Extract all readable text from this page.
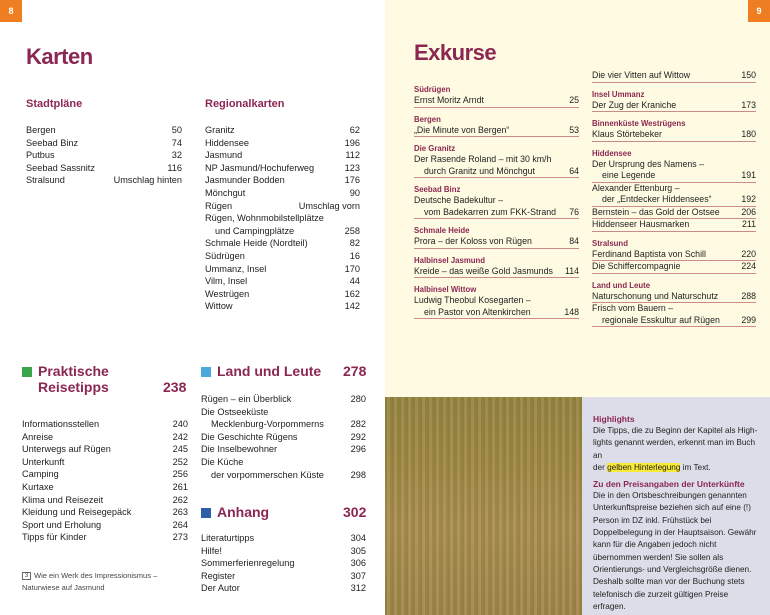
8
Karten
Stadtpläne
Bergen	50
Seebad Binz	74
Putbus	32
Seebad Sassnitz	116
Stralsund	Umschlag hinten
Regionalkarten
Granitz	62
Hiddensee	196
Jasmund	112
NP Jasmund/Hochuferweg	123
Jasmunder Bodden	176
Mönchgut	90
Rügen	Umschlag vorn
Rügen, Wohnmobilstellplätze
und Campingplätze	258
Schmale Heide (Nordteil)	82
Südrügen	16
Ummanz, Insel	170
Vilm, Insel	44
Westrügen	162
Wittow	142
Praktische
Reisetipps	238
Informationsstellen	240
Anreise	242
Unterwegs auf Rügen	245
Unterkunft	252
Camping	256
Kurtaxe	261
Klima und Reisezeit	262
Kleidung und Reisegepäck	263
Sport und Erholung	264
Tipps für Kinder	273
Land und Leute 278
Rügen – ein Überblick	280
Die Ostseeküste
Mecklenburg-Vorpommerns	282
Die Geschichte Rügens	292
Die Inselbewohner	296
Die Küche
der vorpommerschen Küste	298
Anhang	302
Literaturtipps	304
Hilfe!	305
Sommerferienregelung	306
Register	307
Der Autor	312
3 Wie ein Werk des Impressionismus –
Naturwiese auf Jasmund
9
Exkurse
Südrügen
Ernst Moritz Arndt	25
Bergen
„Die Minute von Bergen“	53
Die Granitz
Der Rasende Roland – mit 30 km/h
durch Granitz und Mönchgut	64
Seebad Binz
Deutsche Badekultur –
vom Badekarren zum FKK-Strand 76
Schmale Heide
Prora – der Koloss von Rügen	84
Halbinsel Jasmund
Kreide – das weiße Gold Jasmunds 114
Halbinsel Wittow
Ludwig Theobul Kosegarten –
ein Pastor von Altenkirchen	148
Die vier Vitten auf Wittow	150
Insel Ummanz
Der Zug der Kraniche	173
Binnenküste Westrügens
Klaus Störtebeker	180
Hiddensee
Der Ursprung des Namens –
eine Legende	191
Alexander Ettenburg –
der „Entdecker Hiddensees“	192
Bernstein – das Gold der Ostsee 206
Hiddenseer Hausmarken	211
Stralsund
Ferdinand Baptista von Schill	220
Die Schiffercompagnie	224
Land und Leute
Naturschonung und Naturschutz	288
Frisch vom Bauern –
regionale Esskultur auf Rügen 299
Highlights
Die Tipps, die zu Beginn der Kapitel als High-
lights genannt werden, erkennt man im Buch an
der gelben Hinterlegung im Text.
Zu den Preisangaben der Unterkünfte
Die in den Ortsbeschreibungen genannten Unterkunftspreise beziehen sich auf eine (!) Person im DZ inkl. Frühstück bei Doppelbelegung in der Hauptsaison. Gewähr kann für die Angaben jedoch nicht übernommen werden! Sie sollen als Orientierungs- und Vergleichsgröße dienen. Deshalb sollte man vor der Buchung stets telefonisch die zurzeit gültigen Preise erfragen.
